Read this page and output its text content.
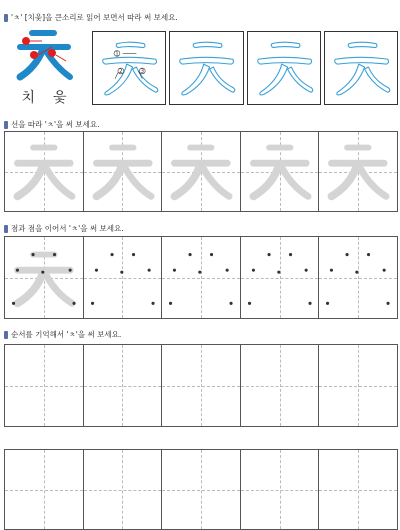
'ㅊ' [치읓]을 큰소리로 읽어 보면서 따라 써 보세요.
치 읓
1
2	3
선을 따라 'ㅊ'을 써 보세요.
점과 점을 이어서 'ㅊ'을 써 보세요.
순서를 기억해서 'ㅊ'을 써 보세요.
